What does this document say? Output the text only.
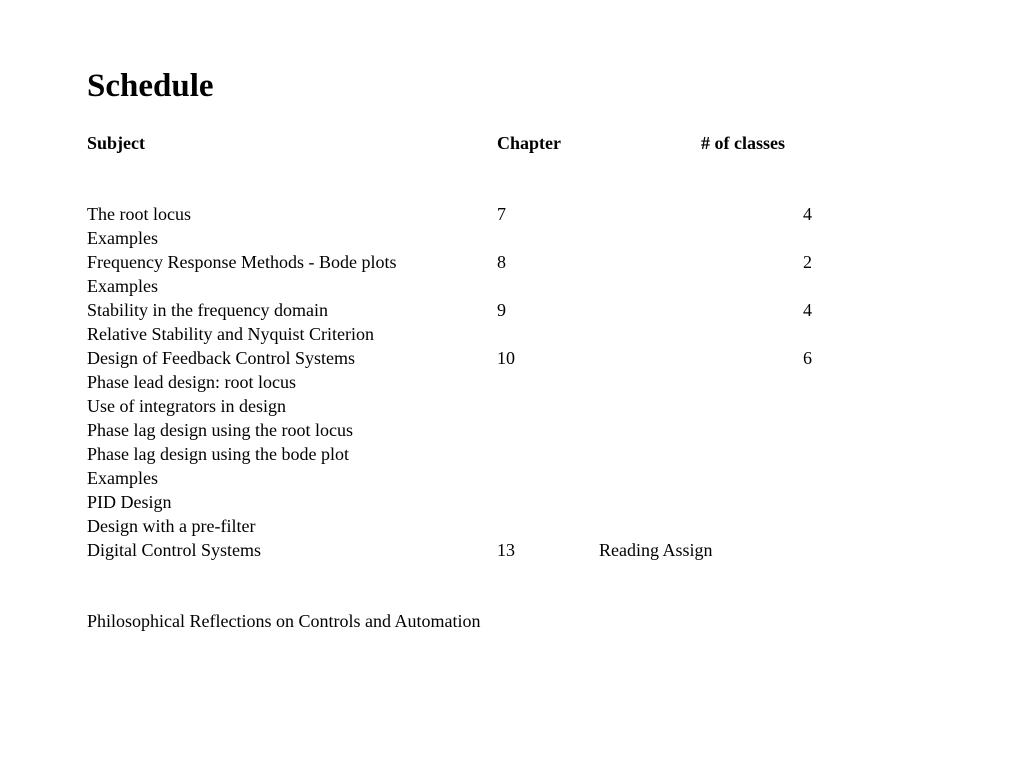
Schedule
Subject	Chapter	# of classes
The root locus	7	4
Examples
Frequency Response Methods - Bode plots	8	2
Examples
Stability in the frequency domain	9	4
Relative Stability and Nyquist Criterion
Design of Feedback Control Systems	10	6
Phase lead design: root locus
Use of integrators in design
Phase lag design using the root locus
Phase lag design using the bode plot
Examples
PID Design
Design with a pre-filter
Digital Control Systems	13	Reading Assign
Philosophical Reflections on Controls and Automation
